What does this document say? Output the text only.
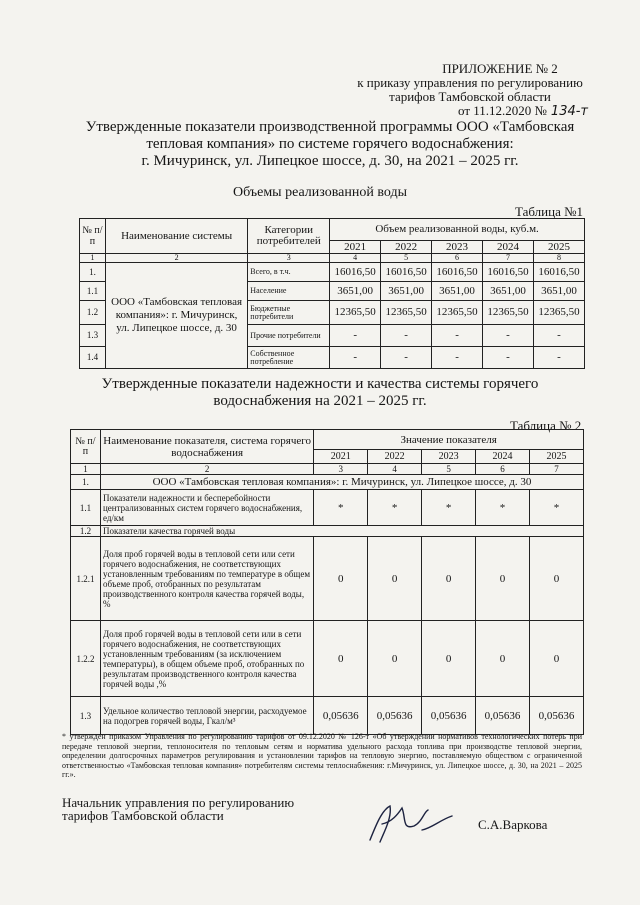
ПРИЛОЖЕНИЕ № 2
к приказу управления по регулированию
тарифов Тамбовской области
от 11.12.2020 № 134-т
Утвержденные показатели производственной программы ООО «Тамбовская
тепловая компания» по системе горячего водоснабжения:
г. Мичуринск, ул. Липецкое шоссе, д. 30, на 2021 – 2025 гг.
Объемы реализованной воды
Таблица №1
№ п/п	Наименование системы	Категории потребителей	Объем реализованной воды, куб.м.				
			2021	2022	2023	2024	2025
1	2	3	4	5	6	7	8
1.	ООО «Тамбовская тепловая компания»: г. Мичуринск, ул. Липецкое шоссе, д. 30	Всего, в т.ч.	16016,50	16016,50	16016,50	16016,50	16016,50
1.1		Население	3651,00	3651,00	3651,00	3651,00	3651,00
1.2		Бюджетные потребители	12365,50	12365,50	12365,50	12365,50	12365,50
1.3		Прочие потребители	-	-	-	-	-
1.4		Собственное потребление	-	-	-	-	-
Утвержденные показатели надежности и качества системы горячего
водоснабжения на 2021 – 2025 гг.
Таблица № 2
№ п/п	Наименование показателя, система горячего водоснабжения	Значение показателя				
		2021	2022	2023	2024	2025
1	2	3	4	5	6	7
1.	ООО «Тамбовская тепловая компания»: г. Мичуринск, ул. Липецкое шоссе, д. 30					
1.1	Показатели надежности и бесперебойности централизованных систем горячего водоснабжения, ед/км	*	*	*	*	*
1.2	Показатели качества горячей воды					
1.2.1	Доля проб горячей воды в тепловой сети или сети горячего водоснабжения, не соответствующих установленным требованиям по температуре в общем объеме проб, отобранных по результатам производственного контроля качества горячей воды, %	0	0	0	0	0
1.2.2	Доля проб горячей воды в тепловой сети или в сети горячего водоснабжения, не соответствующих установленным требованиям (за исключением температуры), в общем объеме проб, отобранных по результатам производственного контроля качества горячей воды ,%	0	0	0	0	0
1.3	Удельное количество тепловой энергии, расходуемое на подогрев горячей воды, Гкал/м³	0,05636	0,05636	0,05636	0,05636	0,05636
* утвержден приказом Управления по регулированию тарифов от 09.12.2020 № 126-т «Об утверждении нормативов технологических потерь при передаче тепловой энергии, теплоносителя по тепловым сетям и норматива удельного расхода топлива при производстве тепловой энергии, определении долгосрочных параметров регулирования и установлении тарифов на тепловую энергию, поставляемую обществом с ограниченной ответственностью «Тамбовская тепловая компания» потребителям системы теплоснабжения: г.Мичуринск, ул. Липецкое шоссе, д. 30, на 2021 – 2025 гг.».
Начальник управления по регулированию
тарифов Тамбовской области
С.А.Варкова
